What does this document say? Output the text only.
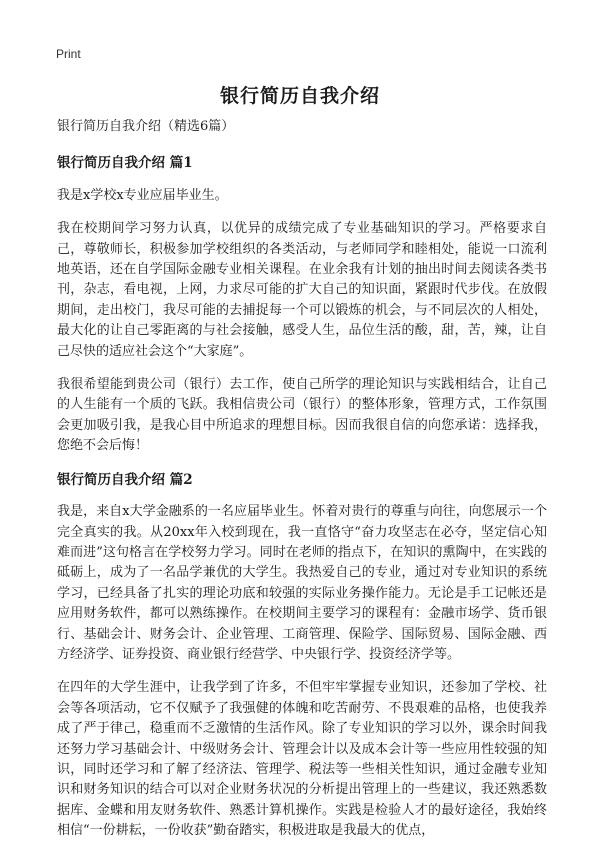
Print
银行简历自我介绍

银行简历自我介绍（精选6篇）

银行简历自我介绍 篇1

我是x学校x专业应届毕业生。

我在校期间学习努力认真，以优异的成绩完成了专业基础知识的学习。严格要求自己，尊敬师长，积极参加学校组织的各类活动，与老师同学和睦相处，能说一口流利地英语，还在自学国际金融专业相关课程。在业余我有计划的抽出时间去阅读各类书刊，杂志，看电视，上网，力求尽可能的扩大自己的知识面，紧跟时代步伐。在放假期间，走出校门，我尽可能的去捕捉每一个可以锻炼的机会，与不同层次的人相处，最大化的让自己零距离的与社会接触，感受人生，品位生活的酸，甜，苦，辣，让自己尽快的适应社会这个“大家庭”。

我很希望能到贵公司（银行）去工作，使自己所学的理论知识与实践相结合，让自己的人生能有一个质的飞跃。我相信贵公司（银行）的整体形象，管理方式，工作氛围会更加吸引我，是我心目中所追求的理想目标。因而我很自信的向您承诺：选择我，您绝不会后悔！

银行简历自我介绍 篇2

我是，来自x大学金融系的一名应届毕业生。怀着对贵行的尊重与向往，向您展示一个完全真实的我。从20xx年入校到现在，我一直恪守“奋力攻坚志在必夺，坚定信心知难而进”这句格言在学校努力学习。同时在老师的指点下，在知识的熏陶中，在实践的砥砺上，成为了一名品学兼优的大学生。我热爱自己的专业，通过对专业知识的系统学习，已经具备了扎实的理论功底和较强的实际业务操作能力。无论是手工记帐还是应用财务软件，都可以熟练操作。在校期间主要学习的课程有：金融市场学、货币银行、基础会计、财务会计、企业管理、工商管理、保险学、国际贸易、国际金融、西方经济学、证券投资、商业银行经营学、中央银行学、投资经济学等。

在四年的大学生涯中，让我学到了许多，不但牢牢掌握专业知识，还参加了学校、社会等各项活动，它不仅赋予了我强健的体魄和吃苦耐劳、不畏艰难的品格，也使我养成了严于律己，稳重而不乏激情的生活作风。除了专业知识的学习以外，课余时间我还努力学习基础会计、中级财务会计、管理会计以及成本会计等一些应用性较强的知识，同时还学习和了解了经济法、管理学、税法等一些相关性知识，通过金融专业知识和财务知识的结合可以对企业财务状况的分析提出管理上的一些建议，我还熟悉数据库、金蝶和用友财务软件、熟悉计算机操作。实践是检验人才的最好途径，我始终相信“一份耕耘，一份收获”勤奋踏实，积极进取是我最大的优点，
